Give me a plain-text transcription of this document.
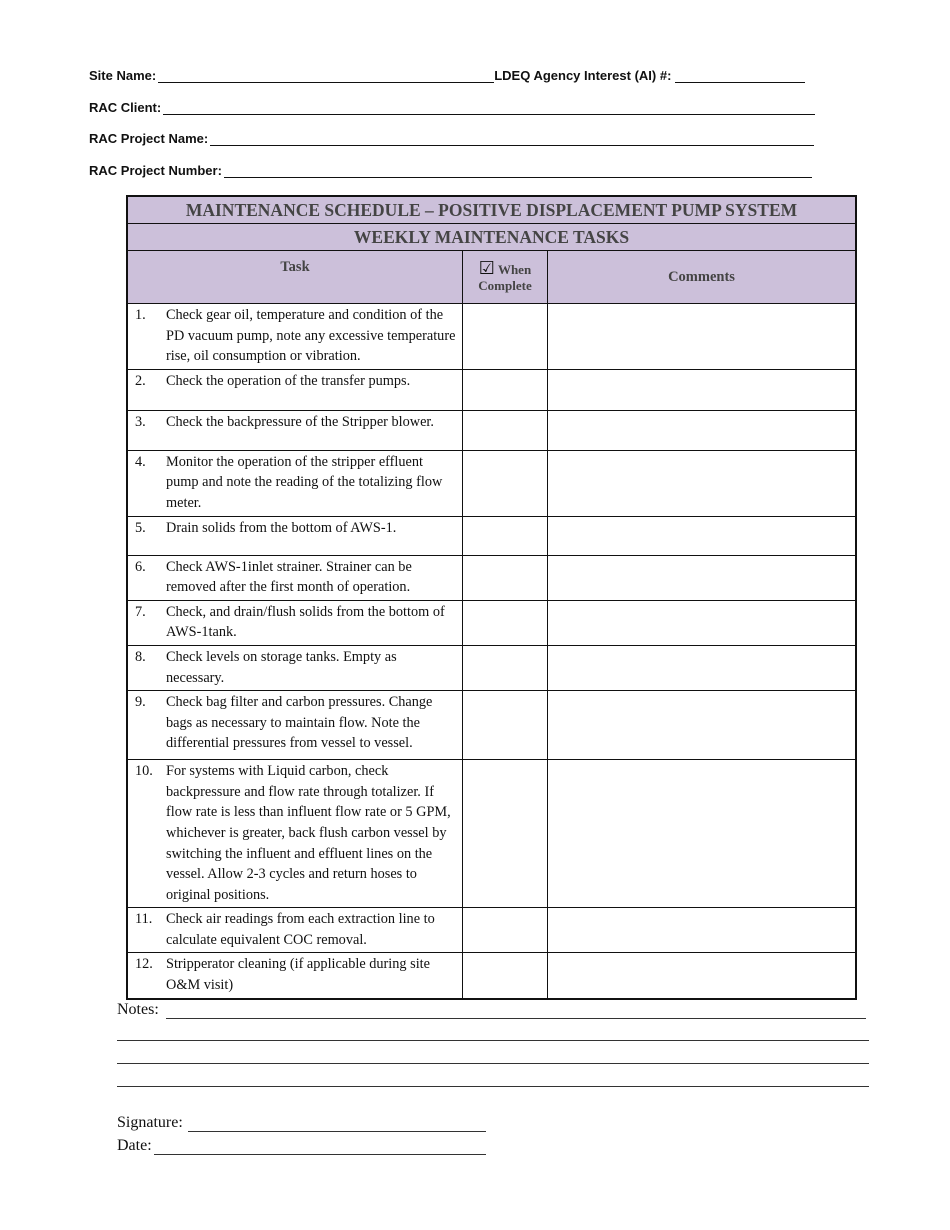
Site Name:	LDEQ Agency Interest (AI) #:
RAC Client:
RAC Project Name:
RAC Project Number:
MAINTENANCE SCHEDULE – POSITIVE DISPLACEMENT PUMP SYSTEM		
WEEKLY MAINTENANCE TASKS		
Task	☑ When Complete	Comments

1. Check gear oil, temperature and condition of the PD vacuum pump, note any excessive temperature rise, oil consumption or vibration.		

2. Check the operation of the transfer pumps.		

3. Check the backpressure of the Stripper blower.		

4. Monitor the operation of the stripper effluent pump and note the reading of the totalizing flow meter.		

5. Drain solids from the bottom of AWS-1.		

6. Check AWS-1inlet strainer. Strainer can be removed after the first month of operation.		

7. Check, and drain/flush solids from the bottom of AWS-1tank.		

8. Check levels on storage tanks. Empty as necessary.		

9. Check bag filter and carbon pressures. Change bags as necessary to maintain flow. Note the differential pressures from vessel to vessel.		

10. For systems with Liquid carbon, check backpressure and flow rate through totalizer. If flow rate is less than influent flow rate or 5 GPM, whichever is greater, back flush carbon vessel by switching the influent and effluent lines on the vessel. Allow 2-3 cycles and return hoses to original positions.		

11. Check air readings from each extraction line to calculate equivalent COC removal.		

12. Stripperator cleaning (if applicable during site O&M visit)		

Notes:
Signature:
Date:
